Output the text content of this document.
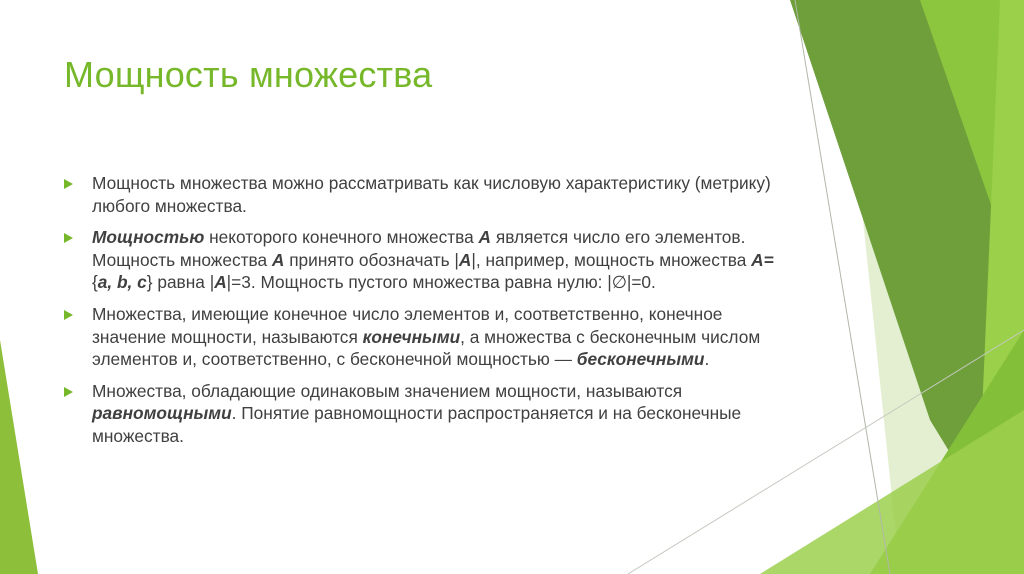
Мощность множества
Мощность множества можно рассматривать как числовую характеристику (метрику) любого множества.
Мощностью некоторого конечного множества A является число его элементов. Мощность множества A принято обозначать |A|, например, мощность множества A={a, b, c} равна |A|=3. Мощность пустого множества равна нулю: |∅|=0.
Множества, имеющие конечное число элементов и, соответственно, конечное значение мощности, называются конечными, а множества с бесконечным числом элементов и, соответственно, с бесконечной мощностью — бесконечными.
Множества, обладающие одинаковым значением мощности, называются равномощными. Понятие равномощности распространяется и на бесконечные множества.
